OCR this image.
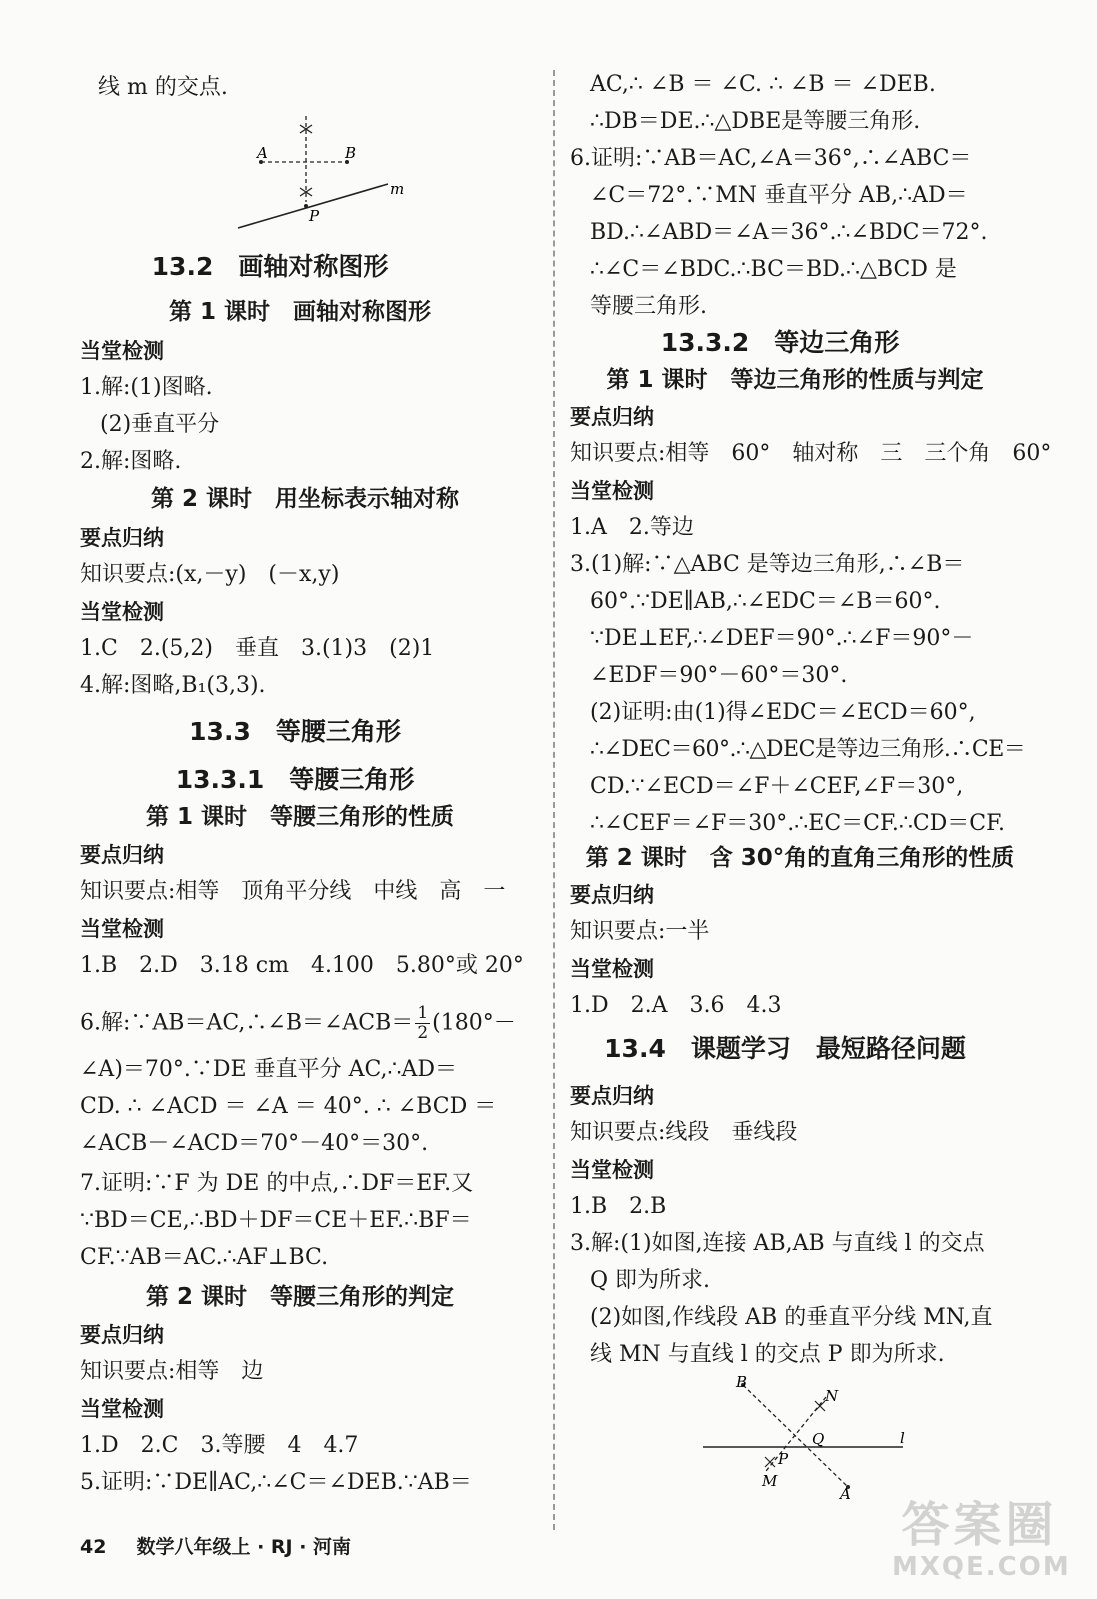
线 m 的交点.
A	B
P
m
13.2　画轴对称图形
第 1 课时　画轴对称图形
当堂检测
1.解:(1)图略.
(2)垂直平分
2.解:图略.
第 2 课时　用坐标表示轴对称
要点归纳
知识要点:(x,－y)　(－x,y)
当堂检测
1.C　2.(5,2)　垂直　3.(1)3　(2)1
4.解:图略,B₁(3,3).
13.3　等腰三角形
13.3.1　等腰三角形
第 1 课时　等腰三角形的性质
要点归纳
知识要点:相等　顶角平分线　中线　高　一
当堂检测
1.B　2.D　3.18 cm　4.100　5.80°或 20°
6.解:∵AB＝AC,∴∠B＝∠ACB＝ $\frac{1}{2} (180^\circ-$
∠A)＝70°.∵DE 垂直平分 AC,∴AD＝
CD. ∴ ∠ACD ＝ ∠A ＝ 40°. ∴ ∠BCD ＝
∠ACB－∠ACD＝70°－40°＝30°.
7.证明:∵F 为 DE 的中点,∴DF＝EF.又
∵BD＝CE,∴BD＋DF＝CE＋EF.∴BF＝
CF.∵AB＝AC.∴AF⊥BC.
第 2 课时　等腰三角形的判定
要点归纳
知识要点:相等　边
当堂检测
1.D　2.C　3.等腰　4　4.7
5.证明:∵DE∥AC,∴∠C＝∠DEB.∵AB＝
AC,∴ ∠B ＝ ∠C. ∴ ∠B ＝ ∠DEB.
∴DB＝DE.∴△DBE是等腰三角形.
6.证明:∵AB＝AC,∠A＝36°,∴∠ABC＝
∠C＝72°.∵MN 垂直平分 AB,∴AD＝
BD.∴∠ABD＝∠A＝36°.∴∠BDC＝72°.
∴∠C＝∠BDC.∴BC＝BD.∴△BCD 是
等腰三角形.
13.3.2　等边三角形
第 1 课时　等边三角形的性质与判定
要点归纳
知识要点:相等　60°　轴对称　三　三个角　60°
当堂检测
1.A　2.等边
3.(1)解:∵△ABC 是等边三角形,∴∠B＝
60°.∵DE∥AB,∴∠EDC＝∠B＝60°.
∵DE⊥EF,∴∠DEF＝90°.∴∠F＝90°－
∠EDF＝90°－60°＝30°.
(2)证明:由(1)得∠EDC＝∠ECD＝60°,
∴∠DEC＝60°.∴△DEC是等边三角形.∴CE＝
CD.∵∠ECD＝∠F＋∠CEF,∠F＝30°,
∴∠CEF＝∠F＝30°.∴EC＝CF.∴CD＝CF.
第 2 课时　含 30°角的直角三角形的性质
要点归纳
知识要点:一半
当堂检测
1.D　2.A　3.6　4.3
13.4　课题学习　最短路径问题
要点归纳
知识要点:线段　垂线段
当堂检测
1.B　2.B
3.解:(1)如图,连接 AB,AB 与直线 l 的交点
Q 即为所求.
(2)如图,作线段 AB 的垂直平分线 MN,直
线 MN 与直线 l 的交点 P 即为所求.
B
N
Q	l
P
M
A
42 数学八年级上 · RJ · 河南	答案圈
MXQE.COM
